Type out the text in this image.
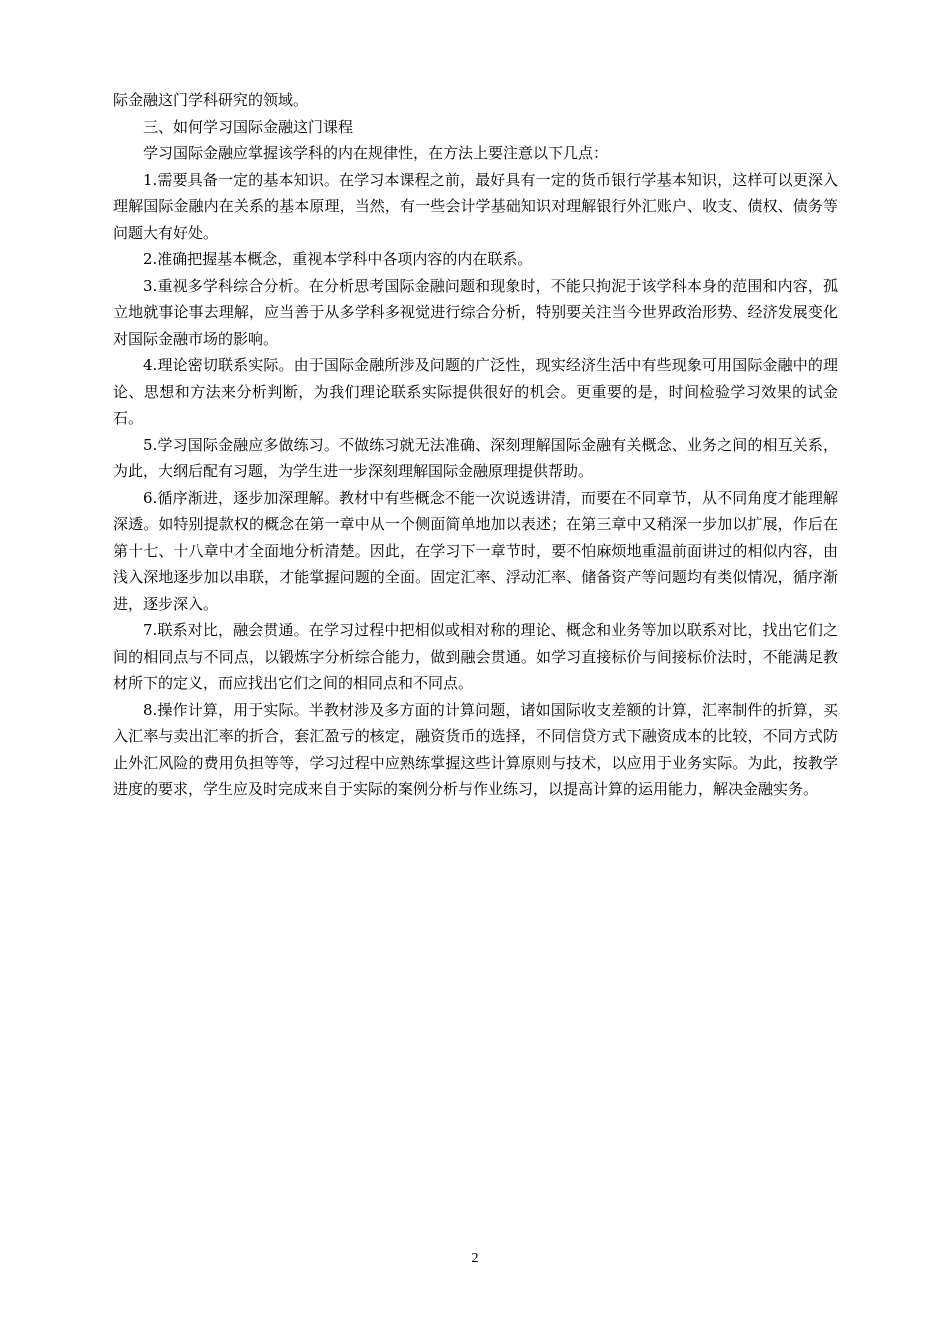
际金融这门学科研究的领域。

三、如何学习国际金融这门课程

学习国际金融应掌握该学科的内在规律性，在方法上要注意以下几点：

1.需要具备一定的基本知识。在学习本课程之前，最好具有一定的货币银行学基本知识，这样可以更深入理解国际金融内在关系的基本原理，当然，有一些会计学基础知识对理解银行外汇账户、收支、债权、债务等问题大有好处。

2.准确把握基本概念，重视本学科中各项内容的内在联系。

3.重视多学科综合分析。在分析思考国际金融问题和现象时，不能只拘泥于该学科本身的范围和内容，孤立地就事论事去理解，应当善于从多学科多视觉进行综合分析，特别要关注当今世界政治形势、经济发展变化对国际金融市场的影响。

4.理论密切联系实际。由于国际金融所涉及问题的广泛性，现实经济生活中有些现象可用国际金融中的理论、思想和方法来分析判断，为我们理论联系实际提供很好的机会。更重要的是，时间检验学习效果的试金石。

5.学习国际金融应多做练习。不做练习就无法准确、深刻理解国际金融有关概念、业务之间的相互关系，为此，大纲后配有习题，为学生进一步深刻理解国际金融原理提供帮助。

6.循序渐进，逐步加深理解。教材中有些概念不能一次说透讲清，而要在不同章节，从不同角度才能理解深透。如特别提款权的概念在第一章中从一个侧面简单地加以表述；在第三章中又稍深一步加以扩展，作后在第十七、十八章中才全面地分析清楚。因此，在学习下一章节时，要不怕麻烦地重温前面讲过的相似内容，由浅入深地逐步加以串联，才能掌握问题的全面。固定汇率、浮动汇率、储备资产等问题均有类似情况，循序渐进，逐步深入。

7.联系对比，融会贯通。在学习过程中把相似或相对称的理论、概念和业务等加以联系对比，找出它们之间的相同点与不同点，以锻炼字分析综合能力，做到融会贯通。如学习直接标价与间接标价法时，不能满足教材所下的定义，而应找出它们之间的相同点和不同点。

8.操作计算，用于实际。半教材涉及多方面的计算问题，诸如国际收支差额的计算，汇率制件的折算，买入汇率与卖出汇率的折合，套汇盈亏的核定，融资货币的选择，不同信贷方式下融资成本的比较，不同方式防止外汇风险的费用负担等等，学习过程中应熟练掌握这些计算原则与技术，以应用于业务实际。为此，按教学进度的要求，学生应及时完成来自于实际的案例分析与作业练习，以提高计算的运用能力，解决金融实务。

2
